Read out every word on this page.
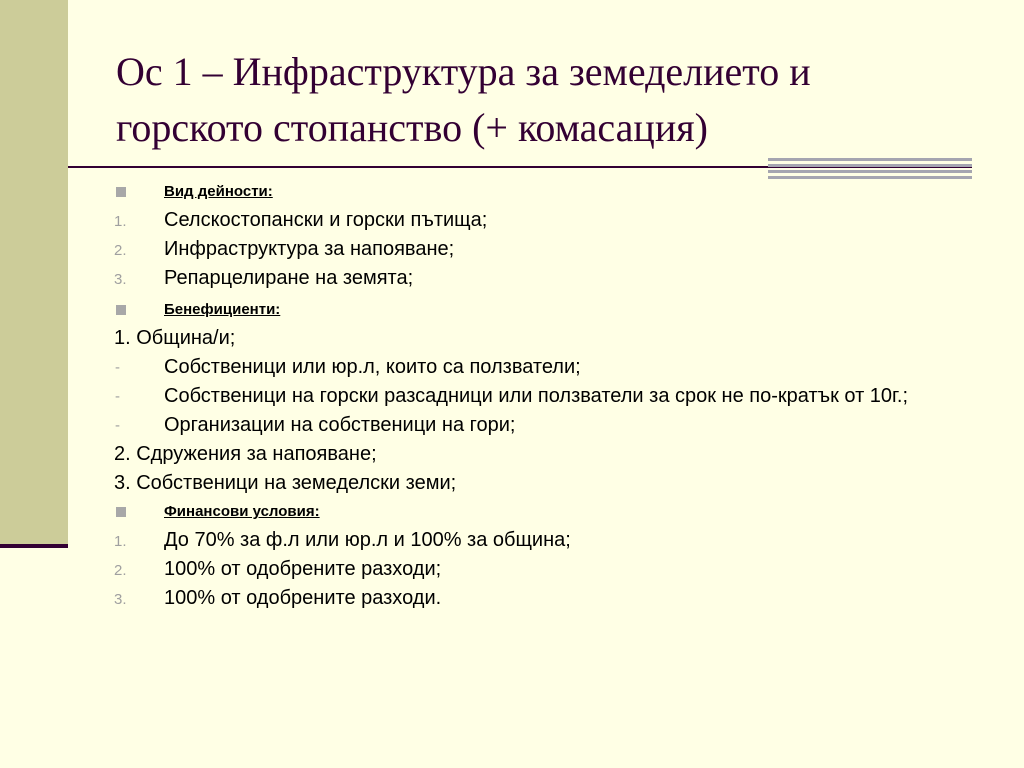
Ос 1 – Инфраструктура за земеделието и
горското стопанство (+ комасация)
Вид дейности:
1.	Селскостопански и горски пътища;
2.	Инфраструктура за напояване;
3.	Репарцелиране на земята;
Бенефициенти:
1. Община/и;
-	Собственици или юр.л, които са ползватели;
-	Собственици на горски разсадници или ползватели за срок не по-кратък от 10г.;
-	Организации на собственици на гори;
2. Сдружения за напояване;
3. Собственици на земеделски земи;
Финансови условия:
1.	До 70% за ф.л или юр.л и 100% за община;
2.	100% от одобрените разходи;
3.	100% от одобрените разходи.
